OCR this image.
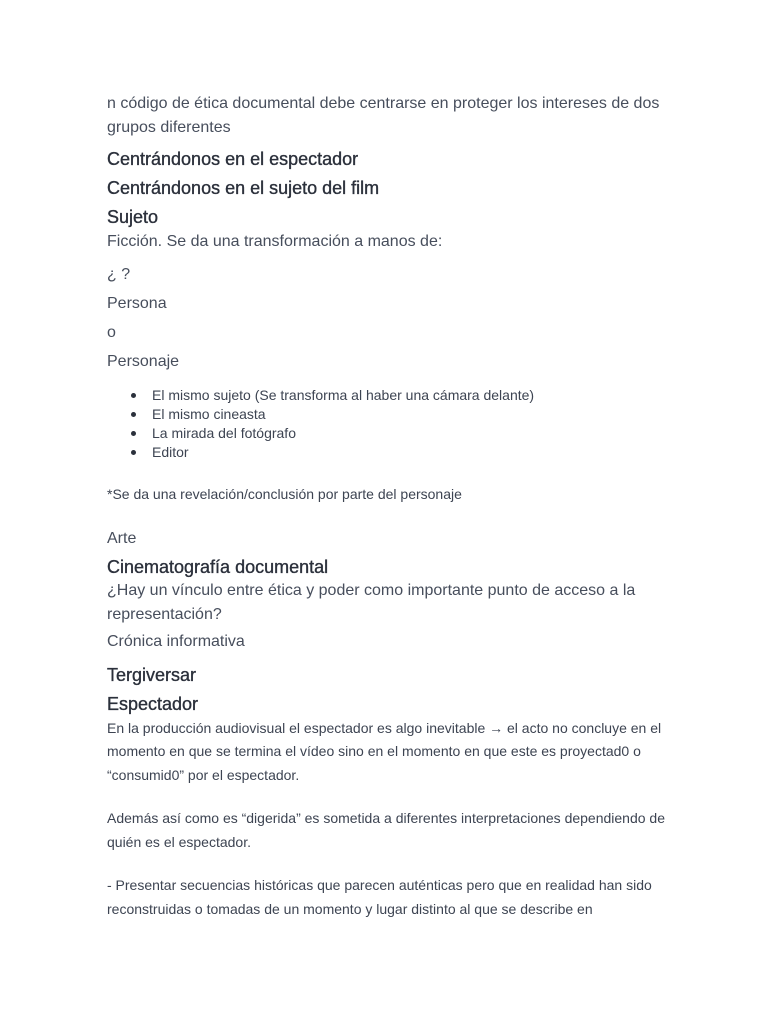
n código de ética documental debe centrarse en proteger los intereses de dos grupos diferentes

Centrándonos en el espectador
Centrándonos en el sujeto del film
Sujeto

Ficción. Se da una transformación a manos de:

¿ ?

Persona

o

Personaje

El mismo sujeto (Se transforma al haber una cámara delante)
El mismo cineasta
La mirada del fotógrafo
Editor

*Se da una revelación/conclusión por parte del personaje

Arte

Cinematografía documental

¿Hay un vínculo entre ética y poder como importante punto de acceso a la representación?

Crónica informativa

Tergiversar
Espectador

En la producción audiovisual el espectador es algo inevitable → el acto no concluye en el momento en que se termina el vídeo sino en el momento en que este es proyectad0 o “consumid0” por el espectador.

Además así como es “digerida” es sometida a diferentes interpretaciones dependiendo de quién es el espectador.

- Presentar secuencias históricas que parecen auténticas pero que en realidad han sido reconstruidas o tomadas de un momento y lugar distinto al que se describe en
